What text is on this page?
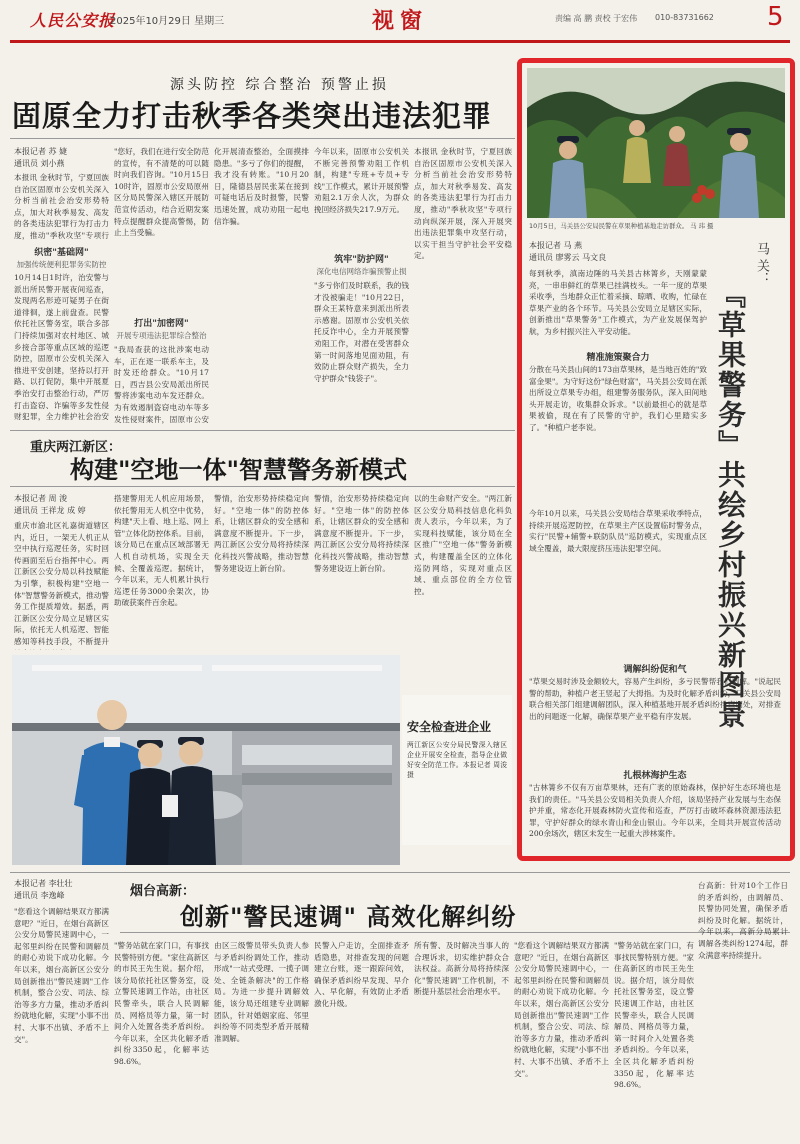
人民公安报
2025年10月29日 星期三	视窗	责编 高 鹏 责校 于宏伟 010-83731662 5
源头防控 综合整治 预警止损
固原全力打击秋季各类突出违法犯罪
本报记者 苏 婕
通讯员 刘小燕
本报讯 金秋时节，宁夏回族自治区固原市公安机关深入分析当前社会治安形势特点，加大对秋季易发、高发的各类违法犯罪行为打击力度，推动"季秋攻坚"专项行
织密"基础网"
加强传统便利犯罪务实防控
10月14日1时许，治安警与派出所民警开展夜间巡查，发现两名形迹可疑男子在街道徘徊，遂上前盘查。民警依托社区警务室，联合多部门持续加强对农村地区、城乡接合部等重点区域的巡逻防控，固原市公安机关深入推进平安创建，坚持以打开路、以打促防，集中开展夏季治安打击整治行动，严厉打击盗窃、诈骗等多发性侵财犯罪，全力维护社会治安
"您好，我们在进行安全防范的宣传，有不清楚的可以随时向我们咨询。"10月15日10时许，固原市公安局原州区分局民警深入辖区开展防范宣传活动，结合近期发案特点提醒群众提高警惕，防止上当受骗。
打出"加密网"
开展专项违法犯罪综合整治
"我局查获的这批涉案电动车，正在逐一联系车主，及时发还给群众。"10月17日，西吉县公安局派出所民警将涉案电动车发还群众。为有效遏制盗窃电动车等多发性侵财案件，固原市公安
化开展清查整治，全面摸排隐患。"多亏了你们的提醒，我才没有转账。"10月20日，隆德县居民张某在接到可疑电话后及时报警，民警迅速处置，成功劝阻一起电信诈骗。
今年以来，固原市公安机关不断完善预警劝阻工作机制，构建"专班+专员+专线"工作模式，累计开展预警劝阻2.1万余人次，为群众挽回经济损失217.9万元。
筑牢"防护网"
深化电信网络诈骗预警止损
"多亏你们及时联系，我的钱才没被骗走！"10月22日，群众王某特意来到派出所表示感谢。固原市公安机关依托反诈中心，全力开展预警劝阻工作，对潜在受害群众第一时间落地见面劝阻，有效防止群众财产损失，全力守护群众"钱袋子"。
本报讯 金秋时节，宁夏回族自治区固原市公安机关深入分析当前社会治安形势特点，加大对秋季易发、高发的各类违法犯罪行为打击力度，推动"季秋攻坚"专项行动向纵深开展，深入开展突出违法犯罪集中攻坚行动，以实干担当守护社会平安稳定。
重庆两江新区：
构建"空地一体"智慧警务新模式
本报记者 周 浚
通讯员 王祥龙 成 婷
重庆市渝北区礼嘉街道辖区内，近日，一架无人机正从空中执行巡逻任务，实时回传画面至后台指挥中心。两江新区公安分局以科技赋能为引擎，积极构建"空地一体"智慧警务新模式，推动警务工作提质增效。据悉，两江新区公安分局立足辖区实际，依托无人机巡逻、智能感知等科技手段，不断提升
搭建警用无人机应用场景，依托警用无人机空中优势，构建"天上看、地上巡、网上管"立体化防控体系。目前，该分局已在重点区域部署无人机自动机场，实现全天候、全覆盖巡逻。据统计，今年以来，无人机累计执行巡逻任务3000余架次，协助破获案件百余起。
警情，治安形势持续稳定向好。"空地一体"的防控体系，让辖区群众的安全感和满意度不断提升。下一步，两江新区公安分局将持续深化科技兴警战略，推动智慧警务建设迈上新台阶。
警情，治安形势持续稳定向好。"空地一体"的防控体系，让辖区群众的安全感和满意度不断提升。下一步，两江新区公安分局将持续深化科技兴警战略，推动智慧警务建设迈上新台阶。
以的生命财产安全。"两江新区公安分局科技信息化科负责人表示，今年以来，为了实现科技赋能，该分局在全区推广"空地一体"警务新模式，构建覆盖全区的立体化巡防网络，实现对重点区域、重点部位的全方位管控。
安全检查进企业
两江新区公安分局民警深入辖区企业开展安全检查，指导企业做好安全防范工作。本报记者 周浚 摄
本报记者 李壮壮
通讯员 李逸峰	烟台高新：
创新"警民速调" 高效化解纠纷
"您看这个调解结果双方都满意吧？"近日，在烟台高新区公安分局警民速调中心，一起邻里纠纷在民警和调解员的耐心劝说下成功化解。今年以来，烟台高新区公安分局创新推出"警民速调"工作机制，整合公安、司法、综治等多方力量，推动矛盾纠纷就地化解，实现"小事不出村、大事不出镇、矛盾不上交"。
"警务站就在家门口，有事找民警特别方便。"家住高新区的市民王先生说。据介绍，该分局依托社区警务室，设立警民速调工作站，由社区民警牵头，联合人民调解员、网格员等力量，第一时间介入处置各类矛盾纠纷。今年以来，全区共化解矛盾纠纷3350起，化解率达98.6%。
由区三级警员带头负责人参与矛盾纠纷调处工作，推动形成"一站式受理、一揽子调处、全链条解决"的工作格局。为进一步提升调解效能，该分局还组建专业调解团队，针对婚姻家庭、邻里纠纷等不同类型矛盾开展精准调解。
民警入户走访，全面排查矛盾隐患，对排查发现的问题建立台账，逐一跟踪问效，确保矛盾纠纷早发现、早介入、早化解，有效防止矛盾激化升级。
所有警、及时解决当事人的合理诉求，切实维护群众合法权益。高新分局将持续深化"警民速调"工作机制，不断提升基层社会治理水平。
"您看这个调解结果双方都满意吧？"近日，在烟台高新区公安分局警民速调中心，一起邻里纠纷在民警和调解员的耐心劝说下成功化解。今年以来，烟台高新区公安分局创新推出"警民速调"工作机制，整合公安、司法、综治等多方力量，推动矛盾纠纷就地化解，实现"小事不出村、大事不出镇、矛盾不上交"。
"警务站就在家门口，有事找民警特别方便。"家住高新区的市民王先生说。据介绍，该分局依托社区警务室，设立警民速调工作站，由社区民警牵头，联合人民调解员、网格员等力量，第一时间介入处置各类矛盾纠纷。今年以来，全区共化解矛盾纠纷3350起，化解率达98.6%。
台高新：针对10个工作日的矛盾纠纷，由调解员、民警协同处置，确保矛盾纠纷及时化解。据统计，今年以来，高新分局累计调解各类纠纷1274起，群众满意率持续提升。
10月5日，马关县公安局民警在草果种植基地走访群众。 马 玮 摄
本报记者 马 燕
通讯员 廖雾云 马文良	马 关：
『草果警务』共绘乡村振兴新图景
每到秋季，滇南边陲的马关县古林箐乡，天刚蒙蒙亮，一串串鲜红的草果已挂满枝头。一年一度的草果采收季，当地群众正忙着采摘、晾晒、收购，忙碌在草果产业的各个环节。马关县公安局立足辖区实际，创新推出"草果警务"工作模式，为产业发展保驾护航，为乡村振兴注入平安动能。
精准施策聚合力
分散在马关县山间的173亩草果林，是当地百姓的"致富金果"。为守好这份"绿色财富"，马关县公安局在派出所设立草果专办组，组建警务服务队，深入田间地头开展走访，收集群众诉求。"以前最担心的就是草果被偷，现在有了民警的守护，我们心里踏实多了。"种植户老李说。
今年10月以来，马关县公安局结合草果采收季特点，持续开展巡逻防控，在草果主产区设置临时警务点，实行"民警+辅警+联防队员"巡防模式，实现重点区域全覆盖，最大限度挤压违法犯罪空间。
调解纠纷促和气
"草果交易时涉及金额较大，容易产生纠纷，多亏民警帮我们调解。"说起民警的帮助，种植户老王竖起了大拇指。为及时化解矛盾纠纷，马关县公安局联合相关部门组建调解团队，深入种植基地开展矛盾纠纷排查调处，对排查出的问题逐一化解，确保草果产业平稳有序发展。
扎根林海护生态
"古林箐乡不仅有万亩草果林，还有广袤的原始森林，保护好生态环境也是我们的责任。"马关县公安局相关负责人介绍，该局坚持产业发展与生态保护并重，常态化开展森林防火宣传和巡查，严厉打击破坏森林资源违法犯罪，守护好群众的绿水青山和金山银山。今年以来，全局共开展宣传活动200余场次，辖区未发生一起重大涉林案件。
